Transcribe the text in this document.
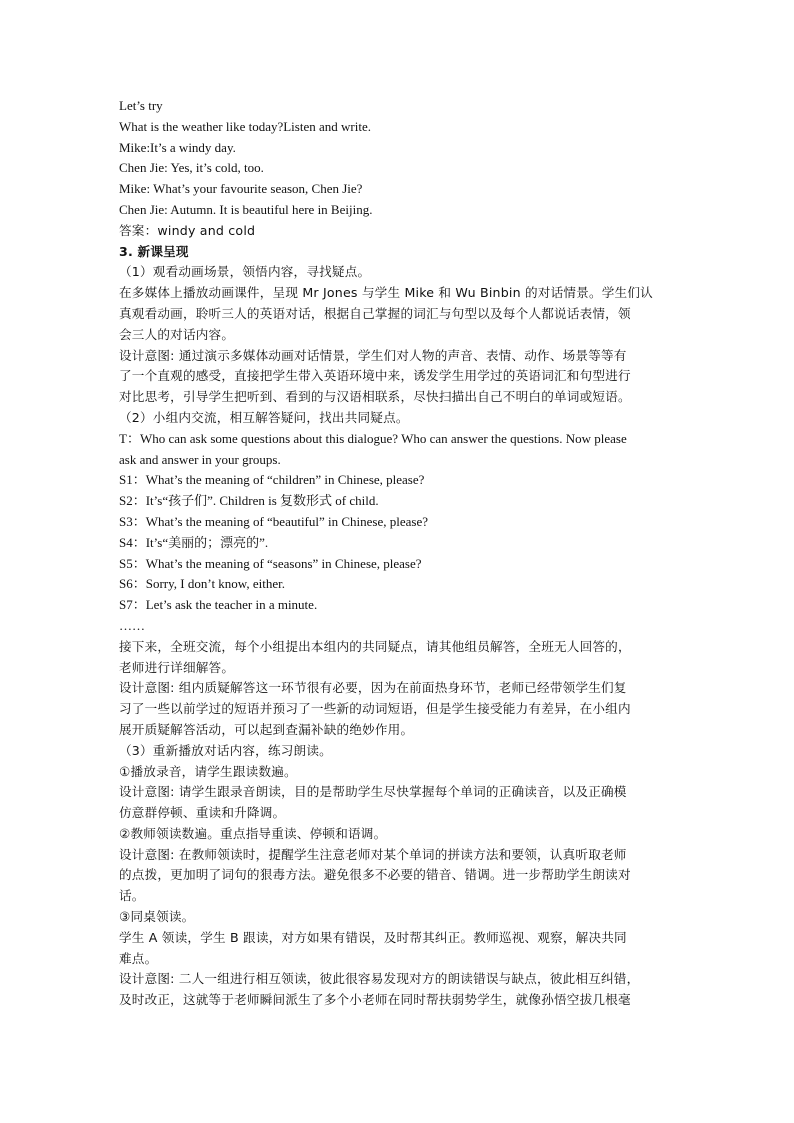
Let’s try
What is the weather like today?Listen and write.
Mike:It’s a windy day.
Chen Jie: Yes, it’s cold, too.
Mike: What’s your favourite season, Chen Jie?
Chen Jie: Autumn. It is beautiful here in Beijing.
答案：windy and cold
3. 新课呈现
（1）观看动画场景，领悟内容，寻找疑点。
在多媒体上播放动画课件，呈现 Mr Jones 与学生 Mike 和 Wu Binbin 的对话情景。学生们认
真观看动画，聆听三人的英语对话，根据自己掌握的词汇与句型以及每个人都说话表情，领
会三人的对话内容。
设计意图: 通过演示多媒体动画对话情景，学生们对人物的声音、表情、动作、场景等等有
了一个直观的感受，直接把学生带入英语环境中来，诱发学生用学过的英语词汇和句型进行
对比思考，引导学生把听到、看到的与汉语相联系，尽快扫描出自己不明白的单词或短语。
（2）小组内交流，相互解答疑问，找出共同疑点。
T：Who can ask some questions about this dialogue? Who can answer the questions. Now please
ask and answer in your groups.
S1：What’s the meaning of “children” in Chinese, please?
S2：It’s“孩子们”. Children is 复数形式 of child.
S3：What’s the meaning of “beautiful” in Chinese, please?
S4：It’s“美丽的；漂亮的”.
S5：What’s the meaning of “seasons” in Chinese, please?
S6：Sorry, I don’t know, either.
S7：Let’s ask the teacher in a minute.
……
接下来，全班交流，每个小组提出本组内的共同疑点，请其他组员解答，全班无人回答的，
老师进行详细解答。
设计意图: 组内质疑解答这一环节很有必要，因为在前面热身环节，老师已经带领学生们复
习了一些以前学过的短语并预习了一些新的动词短语，但是学生接受能力有差异，在小组内
展开质疑解答活动，可以起到查漏补缺的绝妙作用。
（3）重新播放对话内容，练习朗读。
①播放录音，请学生跟读数遍。
设计意图: 请学生跟录音朗读，目的是帮助学生尽快掌握每个单词的正确读音，以及正确模
仿意群停顿、重读和升降调。
②教师领读数遍。重点指导重读、停顿和语调。
设计意图: 在教师领读时，提醒学生注意老师对某个单词的拼读方法和要领，认真听取老师
的点拨，更加明了词句的狠毒方法。避免很多不必要的错音、错调。进一步帮助学生朗读对
话。
③同桌领读。
学生 A 领读，学生 B 跟读，对方如果有错误，及时帮其纠正。教师巡视、观察，解决共同
难点。
设计意图: 二人一组进行相互领读，彼此很容易发现对方的朗读错误与缺点，彼此相互纠错，
及时改正，这就等于老师瞬间派生了多个小老师在同时帮扶弱势学生，就像孙悟空拔几根毫
